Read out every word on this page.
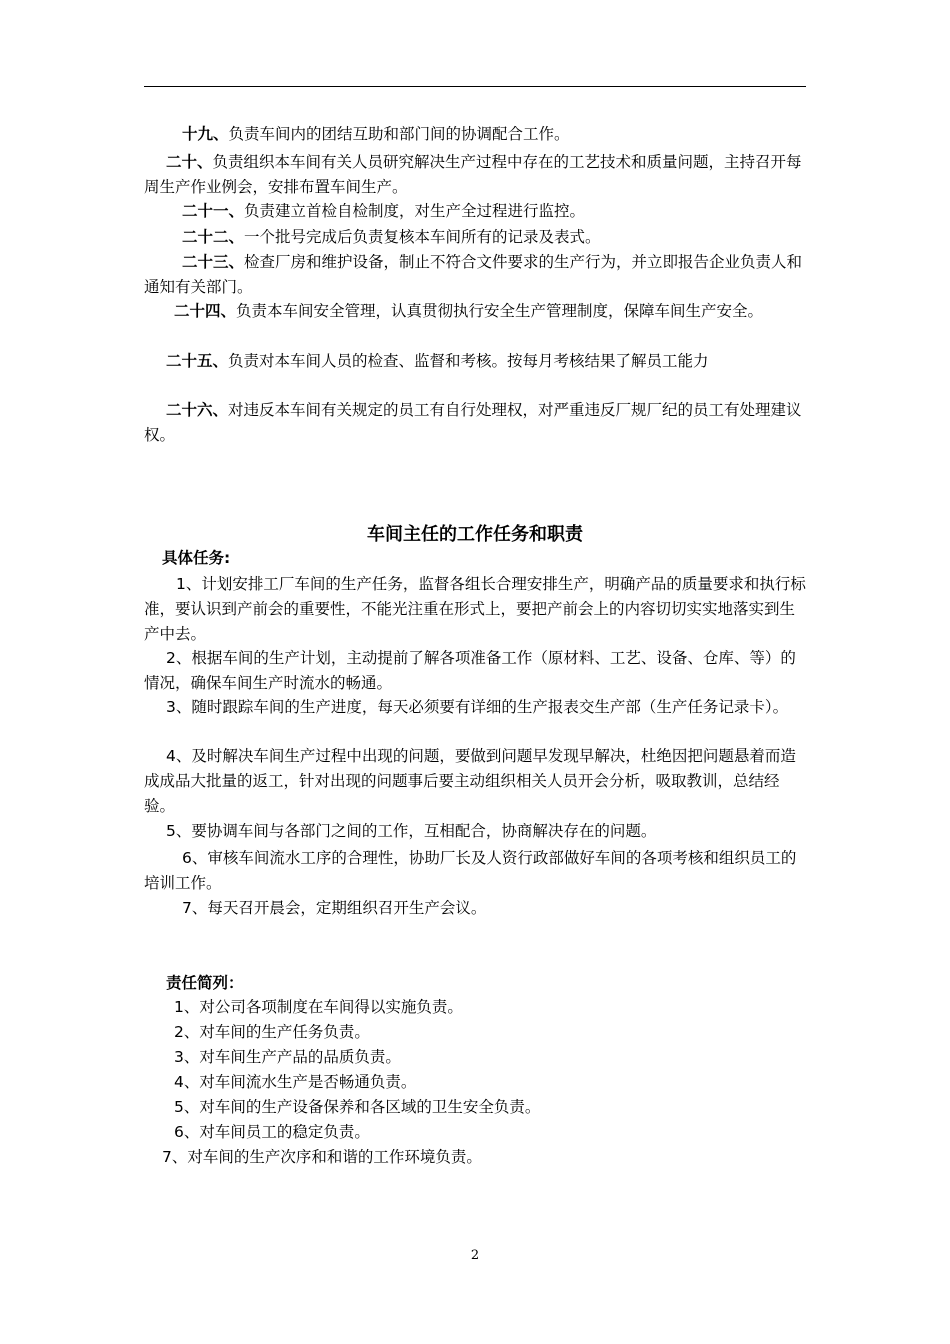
十九、负责车间内的团结互助和部门间的协调配合工作。
二十、负责组织本车间有关人员研究解决生产过程中存在的工艺技术和质量问题，主持召开每周生产作业例会，安排布置车间生产。
二十一、负责建立首检自检制度，对生产全过程进行监控。
二十二、一个批号完成后负责复核本车间所有的记录及表式。
二十三、检查厂房和维护设备，制止不符合文件要求的生产行为，并立即报告企业负责人和通知有关部门。
二十四、负责本车间安全管理，认真贯彻执行安全生产管理制度，保障车间生产安全。
二十五、负责对本车间人员的检查、监督和考核。按每月考核结果了解员工能力
二十六、对违反本车间有关规定的员工有自行处理权，对严重违反厂规厂纪的员工有处理建议权。
车间主任的工作任务和职责
具体任务:
1、计划安排工厂车间的生产任务，监督各组长合理安排生产，明确产品的质量要求和执行标准，要认识到产前会的重要性，不能光注重在形式上，要把产前会上的内容切切实实地落实到生产中去。
2、根据车间的生产计划，主动提前了解各项准备工作（原材料、工艺、设备、仓库、等）的情况，确保车间生产时流水的畅通。
3、随时跟踪车间的生产进度，每天必须要有详细的生产报表交生产部（生产任务记录卡）。
4、及时解决车间生产过程中出现的问题，要做到问题早发现早解决，杜绝因把问题悬着而造成成品大批量的返工，针对出现的问题事后要主动组织相关人员开会分析，吸取教训，总结经验。
5、要协调车间与各部门之间的工作，互相配合，协商解决存在的问题。
6、审核车间流水工序的合理性，协助厂长及人资行政部做好车间的各项考核和组织员工的培训工作。
7、每天召开晨会，定期组织召开生产会议。
责任简列：
1、对公司各项制度在车间得以实施负责。
2、对车间的生产任务负责。
3、对车间生产产品的品质负责。
4、对车间流水生产是否畅通负责。
5、对车间的生产设备保养和各区域的卫生安全负责。
6、对车间员工的稳定负责。
7、对车间的生产次序和和谐的工作环境负责。
2
